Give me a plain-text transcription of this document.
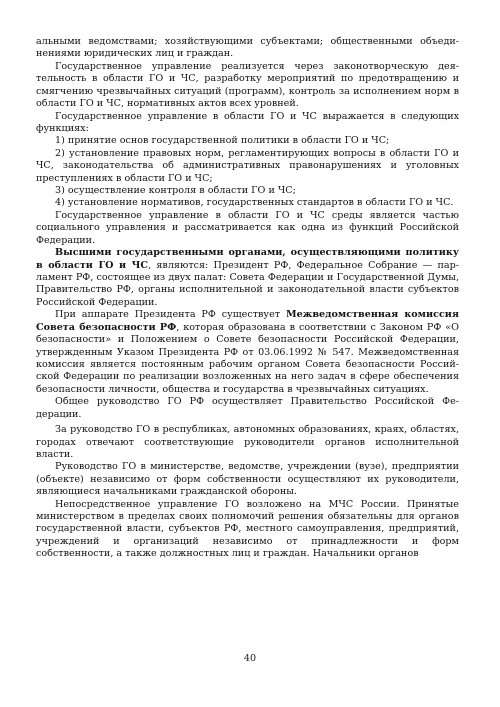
альными ведомствами; хозяйствующими субъектами; общественными объединениями юридических лиц и граждан.

Государственное управление реализуется через законотворческую деятельность в области ГО и ЧС, разработку мероприятий по предотвращению и смягчению чрезвычайных ситуаций (программ), контроль за исполнением норм в области ГО и ЧС, нормативных актов всех уровней.

Государственное управление в области ГО и ЧС выражается в следующих функциях:

1) принятие основ государственной политики в области ГО и ЧС;

2) установление правовых норм, регламентирующих вопросы в области ГО и ЧС, законодательства об административных правонарушениях и уголовных преступлениях в области ГО и ЧС;

3) осуществление контроля в области ГО и ЧС;

4) установление нормативов, государственных стандартов в области ГО и ЧС.

Государственное управление в области ГО и ЧС среды является частью социального управления и рассматривается как одна из функций Российской Федерации.

Высшими государственными органами, осуществляющими политику в области ГО и ЧС, являются: Президент РФ, Федеральное Собрание — парламент РФ, состоящее из двух палат: Совета Федерации и Государственной Думы, Правительство РФ, органы исполнительной и законодательной власти субъектов Российской Федерации.

При аппарате Президента РФ существует Межведомственная комиссия Совета безопасности РФ, которая образована в соответствии с Законом РФ «О безопасности» и Положением о Совете безопасности Российской Федерации, утвержденным Указом Президента РФ от 03.06.1992 № 547. Межведомственная комиссия является постоянным рабочим органом Совета безопасности Российской Федерации по реализации возложенных на него задач в сфере обеспечения безопасности личности, общества и государства в чрезвычайных ситуациях.

Общее руководство ГО РФ осуществляет Правительство Российской Федерации.

За руководство ГО в республиках, автономных образованиях, краях, областях, городах отвечают соответствующие руководители органов исполнительной власти.

Руководство ГО в министерстве, ведомстве, учреждении (вузе), предприятии (объекте) независимо от форм собственности осуществляют их руководители, являющиеся начальниками гражданской обороны.

Непосредственное управление ГО возложено на МЧС России. Принятые министерством в пределах своих полномочий решения обязательны для органов государственной власти, субъектов РФ, местного самоуправления, предприятий, учреждений и организаций независимо от принадлежности и форм собственности, а также должностных лиц и граждан. Начальники органов

40
